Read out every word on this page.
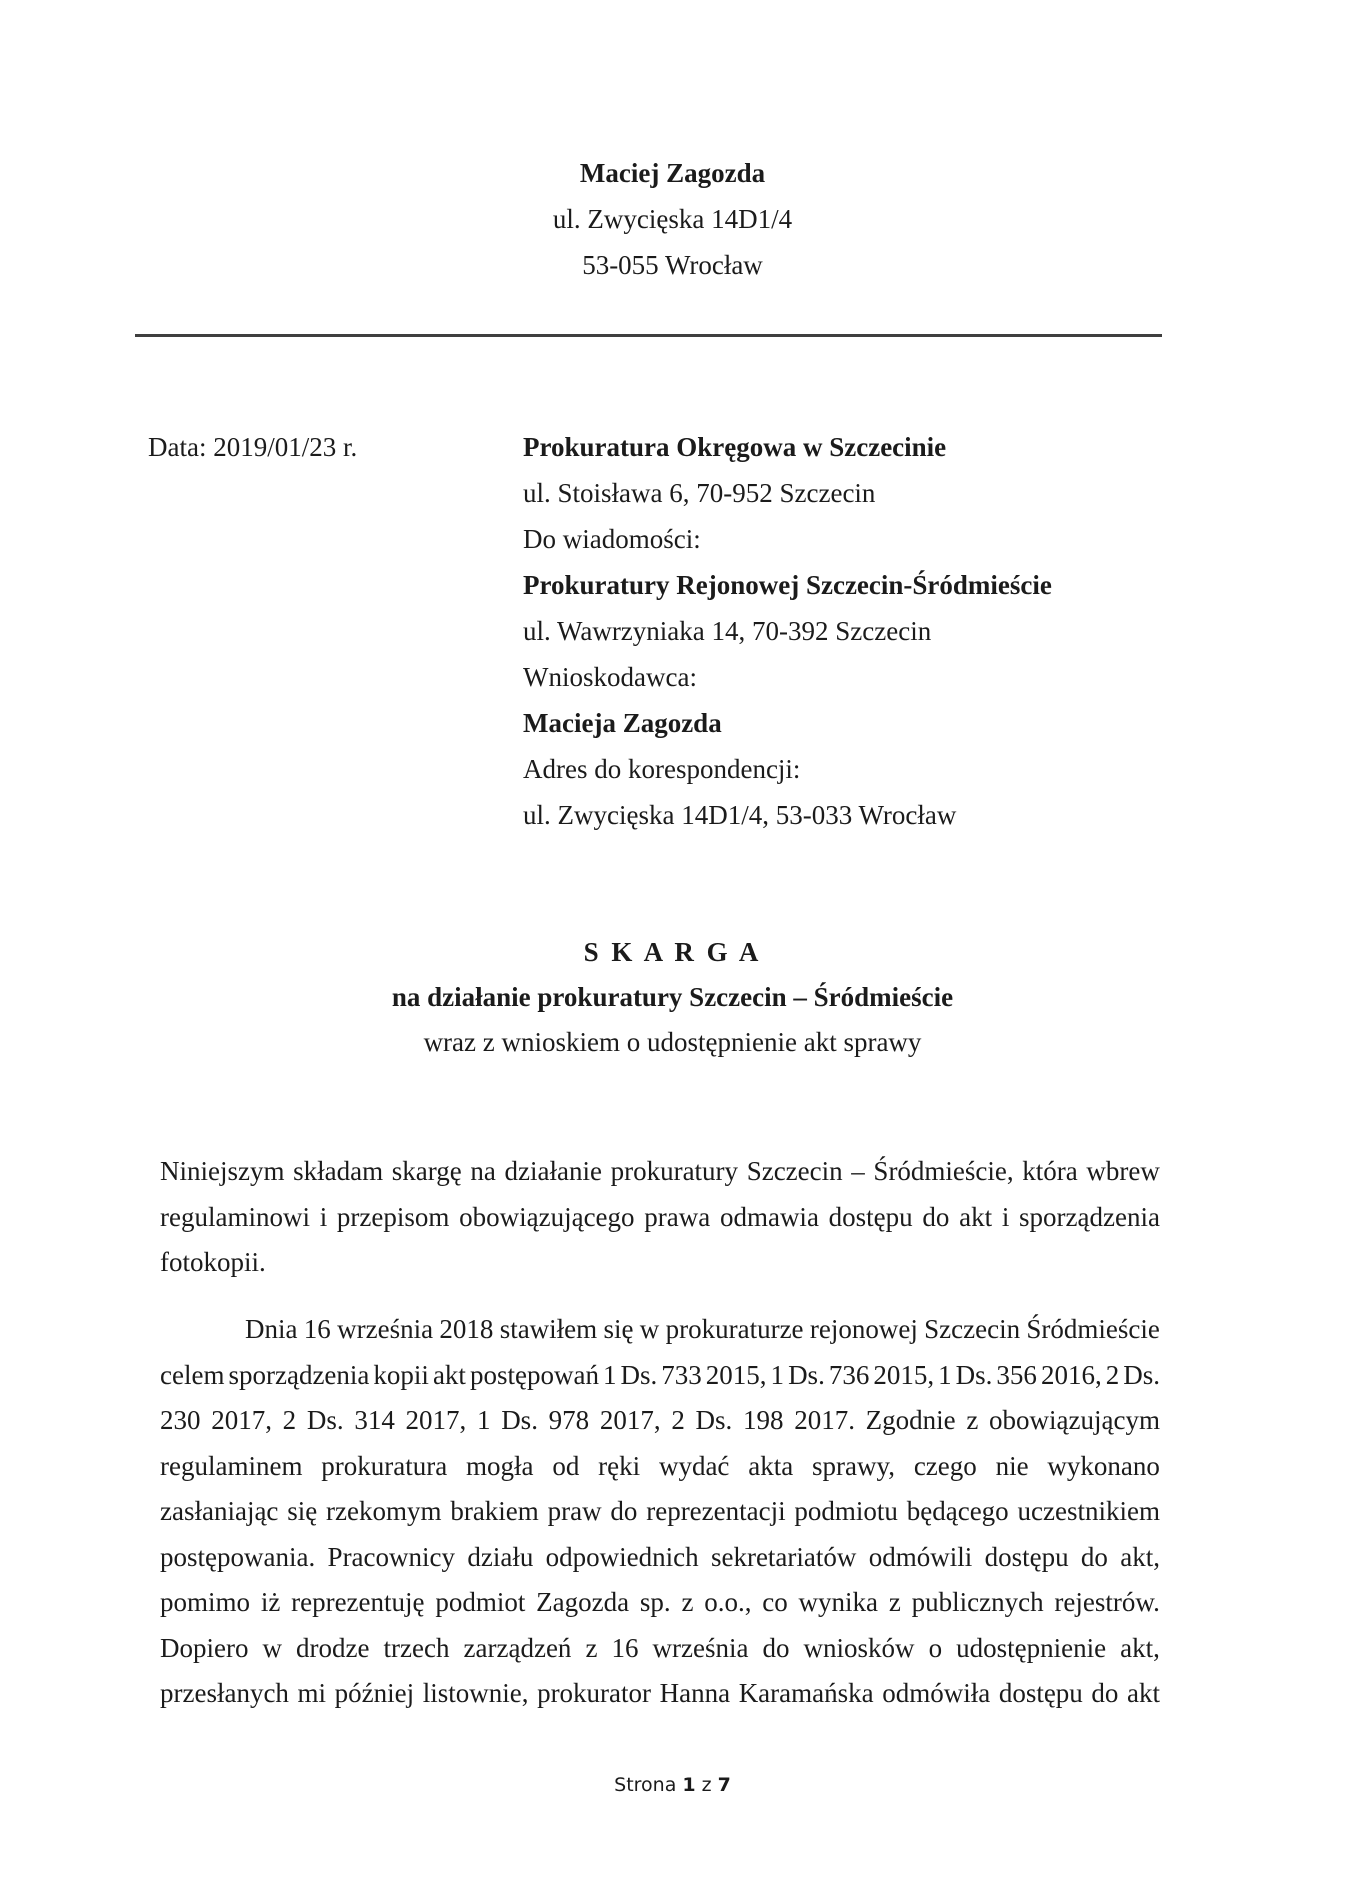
Maciej Zagozda
ul. Zwycięska 14D1/4
53-055 Wrocław
Data: 2019/01/23 r.	Prokuratura Okręgowa w Szczecinie
ul. Stoisława 6, 70-952 Szczecin
Do wiadomości:
Prokuratury Rejonowej Szczecin-Śródmieście
ul. Wawrzyniaka 14, 70-392 Szczecin
Wnioskodawca:
Macieja Zagozda
Adres do korespondencji:
ul. Zwycięska 14D1/4, 53-033 Wrocław
S K A R G A
na działanie prokuratury Szczecin – Śródmieście
wraz z wnioskiem o udostępnienie akt sprawy
Niniejszym składam skargę na działanie prokuratury Szczecin – Śródmieście, która wbrew
regulaminowi i przepisom obowiązującego prawa odmawia dostępu do akt i sporządzenia
fotokopii.
Dnia 16 września 2018 stawiłem się w prokuraturze rejonowej Szczecin Śródmieście
celem sporządzenia kopii akt postępowań 1 Ds. 733 2015, 1 Ds. 736 2015, 1 Ds. 356 2016, 2 Ds.
230 2017, 2 Ds. 314 2017, 1 Ds. 978 2017, 2 Ds. 198 2017. Zgodnie z obowiązującym
regulaminem prokuratura mogła od ręki wydać akta sprawy, czego nie wykonano
zasłaniając się rzekomym brakiem praw do reprezentacji podmiotu będącego uczestnikiem
postępowania. Pracownicy działu odpowiednich sekretariatów odmówili dostępu do akt,
pomimo iż reprezentuję podmiot Zagozda sp. z o.o., co wynika z publicznych rejestrów.
Dopiero w drodze trzech zarządzeń z 16 września do wniosków o udostępnienie akt,
przesłanych mi później listownie, prokurator Hanna Karamańska odmówiła dostępu do akt
Strona 1 z 7
